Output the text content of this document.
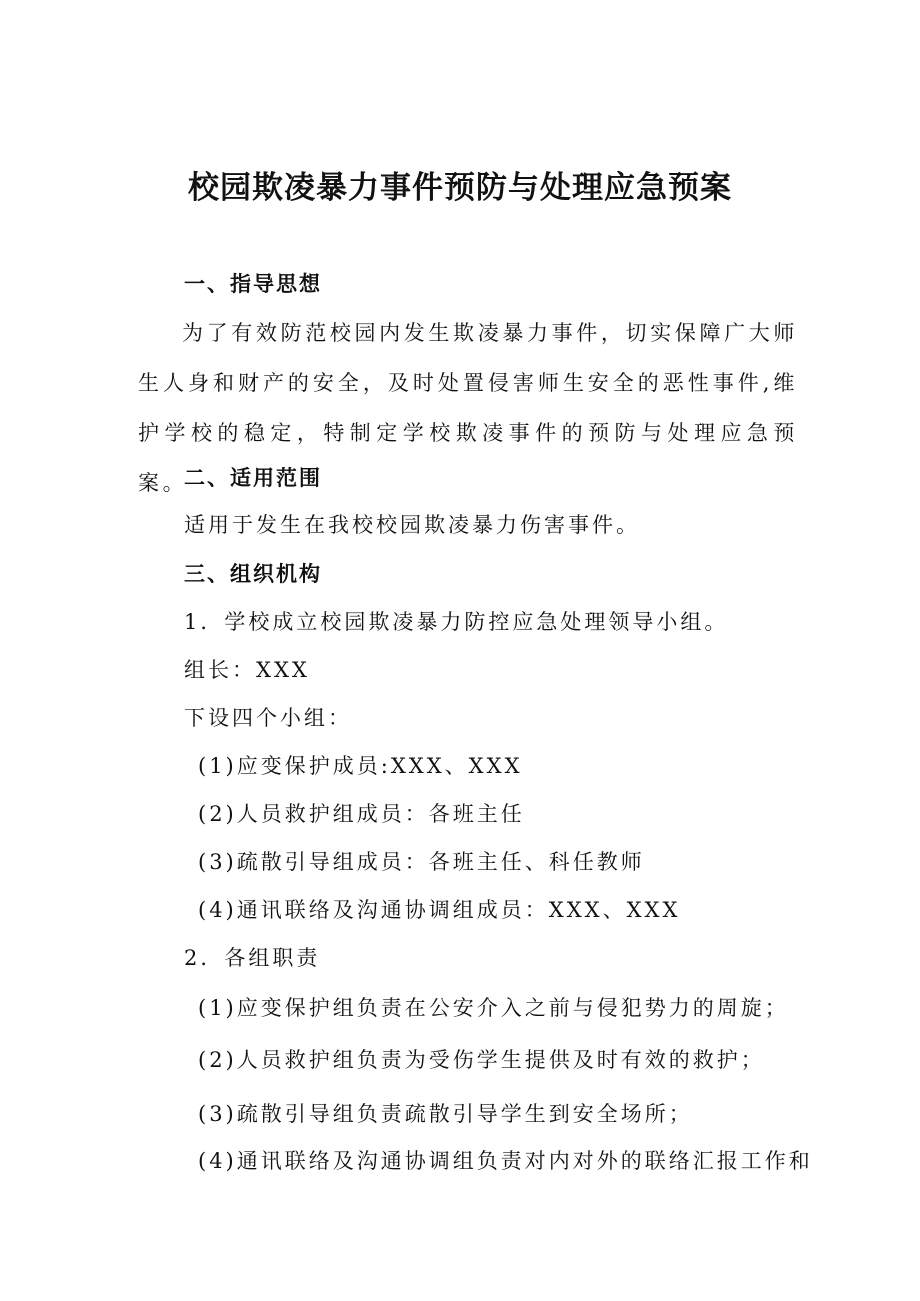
校园欺凌暴力事件预防与处理应急预案
一、指导思想
为了有效防范校园内发生欺凌暴力事件，切实保障广大师生人身和财产的安全，及时处置侵害师生安全的恶性事件,维护学校的稳定，特制定学校欺凌事件的预防与处理应急预案。
二、适用范围
适用于发生在我校校园欺凌暴力伤害事件。
三、组织机构
1．学校成立校园欺凌暴力防控应急处理领导小组。
组长：XXX
下设四个小组：
(1)应变保护成员:XXX、XXX
(2)人员救护组成员：各班主任
(3)疏散引导组成员：各班主任、科任教师
(4)通讯联络及沟通协调组成员：XXX、XXX
2．各组职责
(1)应变保护组负责在公安介入之前与侵犯势力的周旋；
(2)人员救护组负责为受伤学生提供及时有效的救护；
(3)疏散引导组负责疏散引导学生到安全场所；
(4)通讯联络及沟通协调组负责对内对外的联络汇报工作和
